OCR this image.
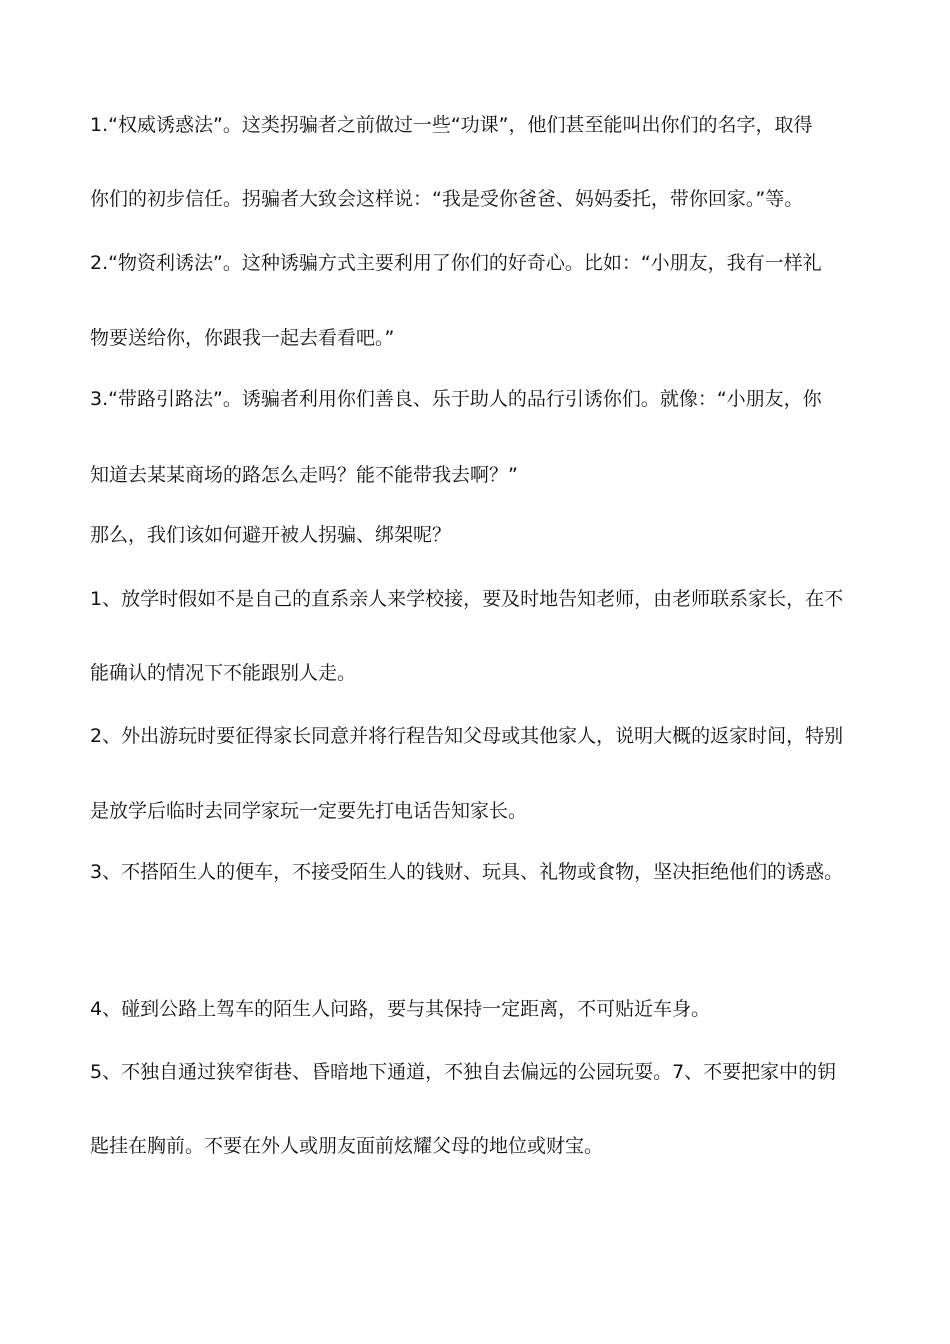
1.“权威诱惑法”。这类拐骗者之前做过一些“功课”，他们甚至能叫出你们的名字，取得
你们的初步信任。拐骗者大致会这样说：“我是受你爸爸、妈妈委托，带你回家。”等。
2.“物资利诱法”。这种诱骗方式主要利用了你们的好奇心。比如：“小朋友，我有一样礼
物要送给你，你跟我一起去看看吧。”
3.“带路引路法”。诱骗者利用你们善良、乐于助人的品行引诱你们。就像：“小朋友，你
知道去某某商场的路怎么走吗？能不能带我去啊？”
那么，我们该如何避开被人拐骗、绑架呢？
1、放学时假如不是自己的直系亲人来学校接，要及时地告知老师，由老师联系家长，在不
能确认的情况下不能跟别人走。
2、外出游玩时要征得家长同意并将行程告知父母或其他家人，说明大概的返家时间，特别
是放学后临时去同学家玩一定要先打电话告知家长。
3、不搭陌生人的便车，不接受陌生人的钱财、玩具、礼物或食物，坚决拒绝他们的诱惑。
4、碰到公路上驾车的陌生人问路，要与其保持一定距离，不可贴近车身。
5、不独自通过狭窄街巷、昏暗地下通道，不独自去偏远的公园玩耍。7、不要把家中的钥
匙挂在胸前。不要在外人或朋友面前炫耀父母的地位或财宝。
